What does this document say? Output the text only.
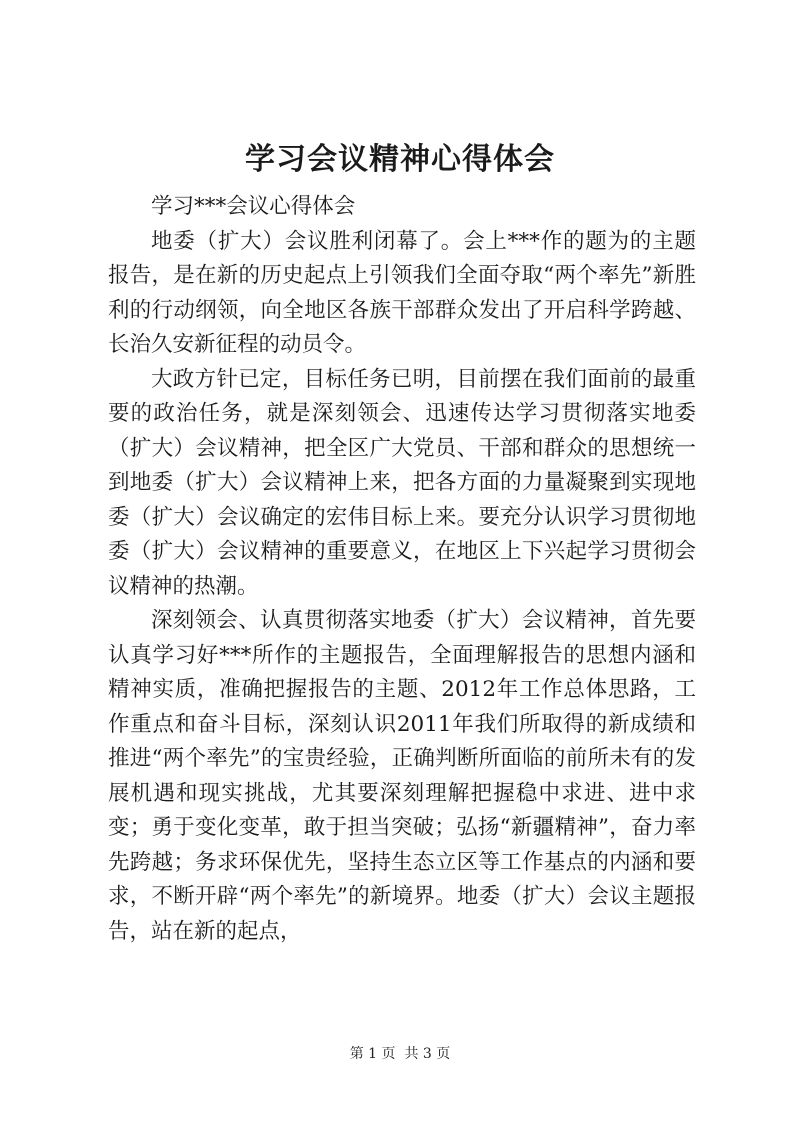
学习会议精神心得体会

学习***会议心得体会

地委（扩大）会议胜利闭幕了。会上***作的题为的主题报告，是在新的历史起点上引领我们全面夺取“两个率先”新胜利的行动纲领，向全地区各族干部群众发出了开启科学跨越、长治久安新征程的动员令。

大政方针已定，目标任务已明，目前摆在我们面前的最重要的政治任务，就是深刻领会、迅速传达学习贯彻落实地委（扩大）会议精神，把全区广大党员、干部和群众的思想统一到地委（扩大）会议精神上来，把各方面的力量凝聚到实现地委（扩大）会议确定的宏伟目标上来。要充分认识学习贯彻地委（扩大）会议精神的重要意义，在地区上下兴起学习贯彻会议精神的热潮。

深刻领会、认真贯彻落实地委（扩大）会议精神，首先要认真学习好***所作的主题报告，全面理解报告的思想内涵和精神实质，准确把握报告的主题、2012年工作总体思路，工作重点和奋斗目标，深刻认识2011年我们所取得的新成绩和推进“两个率先”的宝贵经验，正确判断所面临的前所未有的发展机遇和现实挑战，尤其要深刻理解把握稳中求进、进中求变；勇于变化变革，敢于担当突破；弘扬“新疆精神”，奋力率先跨越；务求环保优先，坚持生态立区等工作基点的内涵和要求，不断开辟“两个率先”的新境界。地委（扩大）会议主题报告，站在新的起点，

第 1 页  共 3 页
